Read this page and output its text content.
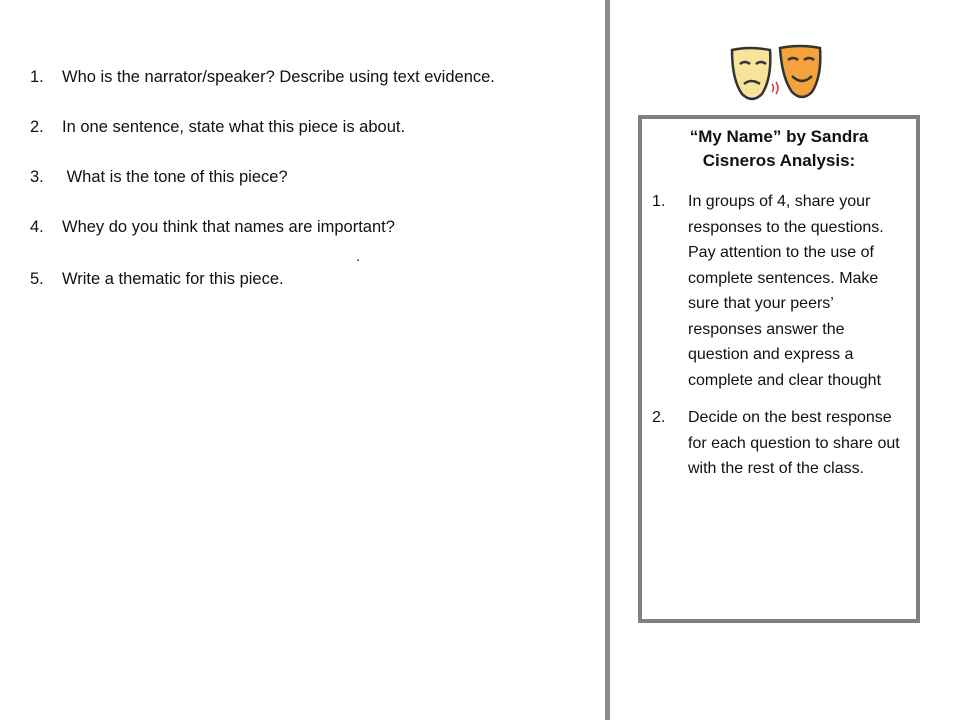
1. Who is the narrator/speaker? Describe using text evidence.
2. In one sentence, state what this piece is about.
3. What is the tone of this piece?
4. Whey do you think that names are important?
5. Write a thematic for this piece.
.
“My Name” by Sandra Cisneros Analysis:
1.	In groups of 4, share your responses to the questions. Pay attention to the use of complete sentences. Make sure that your peers’ responses answer the question and express a complete and clear thought
2.	Decide on the best response for each question to share out with the rest of the class.
